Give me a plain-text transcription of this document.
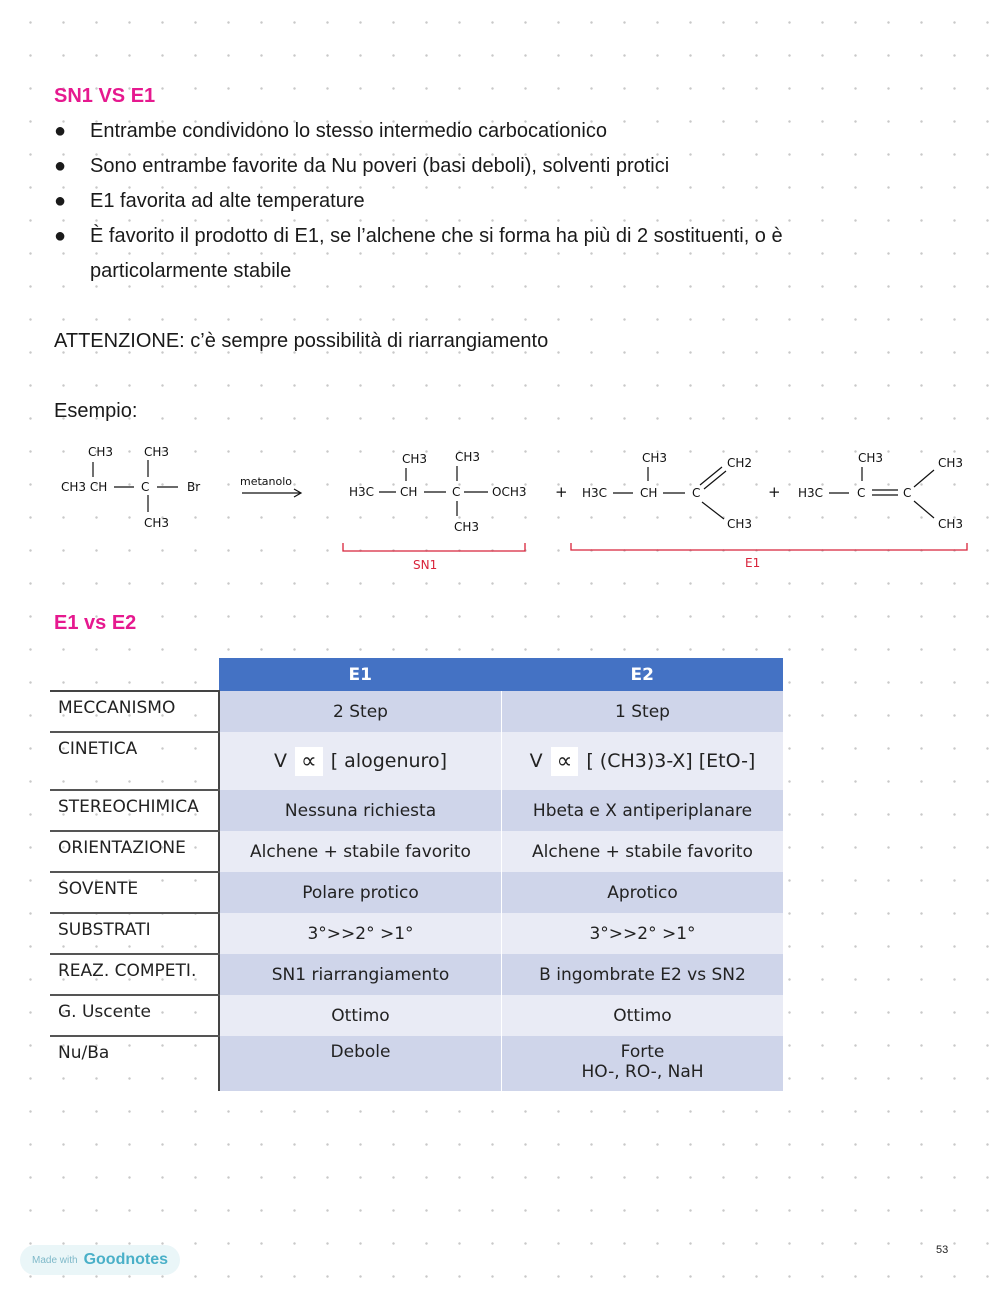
SN1 VS E1
●	Entrambe condividono lo stesso intermedio carbocationico
●	Sono entrambe favorite da Nu poveri (basi deboli), solventi protici
●	E1 favorita ad alte temperature
●	È favorito il prodotto di E1, se l’alchene che si forma ha più di 2 sostituenti, o è particolarmente stabile
ATTENZIONE: c’è sempre possibilità di riarrangiamento
Esempio:
CH3	CH3
CH3 CH	C	Br
CH3
metanolo
CH3 CH3
H3C CH	C	OCH3
CH3
+
CH3	CH2
H3C	CH	C
CH3
+
CH3	CH3
H3C	C	C
CH3
SN1	E1
E1 vs E2
	E1	E2
MECCANISMO	2 Step	1 Step
CINETICA	V ∝ [ alogenuro]	V ∝ [ (CH3)3-X] [EtO-]

STEREOCHIMICA	Nessuna richiesta	Hbeta e X antiperiplanare
ORIENTAZIONE	Alchene + stabile favorito	Alchene + stabile favorito
SOVENTE	Polare protico	Aprotico
SUBSTRATI	3°>>2° >1°	3°>>2° >1°
REAZ. COMPETI.	SN1 riarrangiamento	B ingombrate E2 vs SN2
G. Uscente	Ottimo	Ottimo
Nu/Ba	Debole	Forte
HO-, RO-, NaH
Made with Goodnotes
53
